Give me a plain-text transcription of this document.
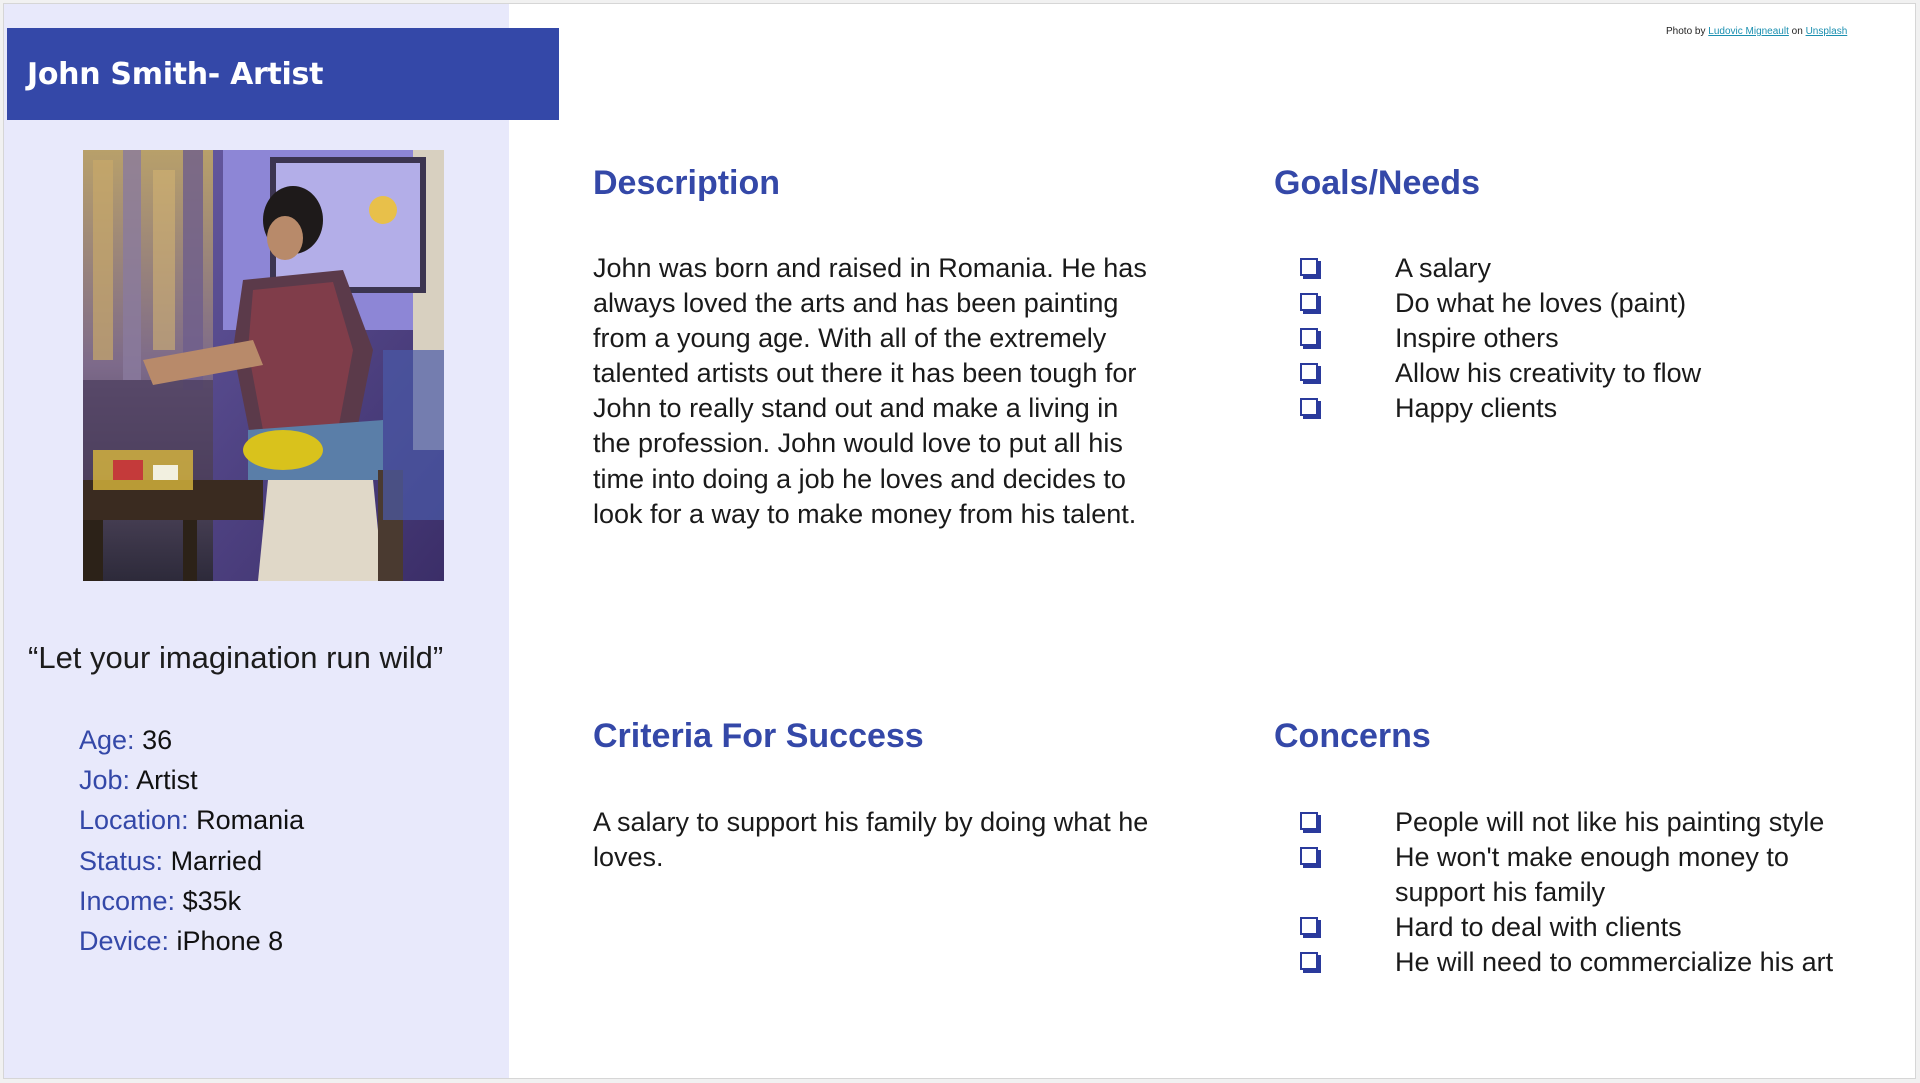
“Let your imagination run wild”
Age: 36
Job: Artist
Location: Romania
Status: Married
Income: $35k
Device: iPhone 8
John Smith- Artist
Photo by Ludovic Migneault on Unsplash
Description
John was born and raised in Romania. He has
always loved the arts and has been painting
from a young age. With all of the extremely
talented artists out there it has been tough for
John to really stand out and make a living in
the profession. John would love to put all his
time into doing a job he loves and decides to
look for a way to make money from his talent.
Goals/Needs
A salary
Do what he loves (paint)
Inspire others
Allow his creativity to flow
Happy clients
Criteria For Success
A salary to support his family by doing what he
loves.
Concerns
People will not like his painting style
He won't make enough money to
support his family
Hard to deal with clients
He will need to commercialize his art
